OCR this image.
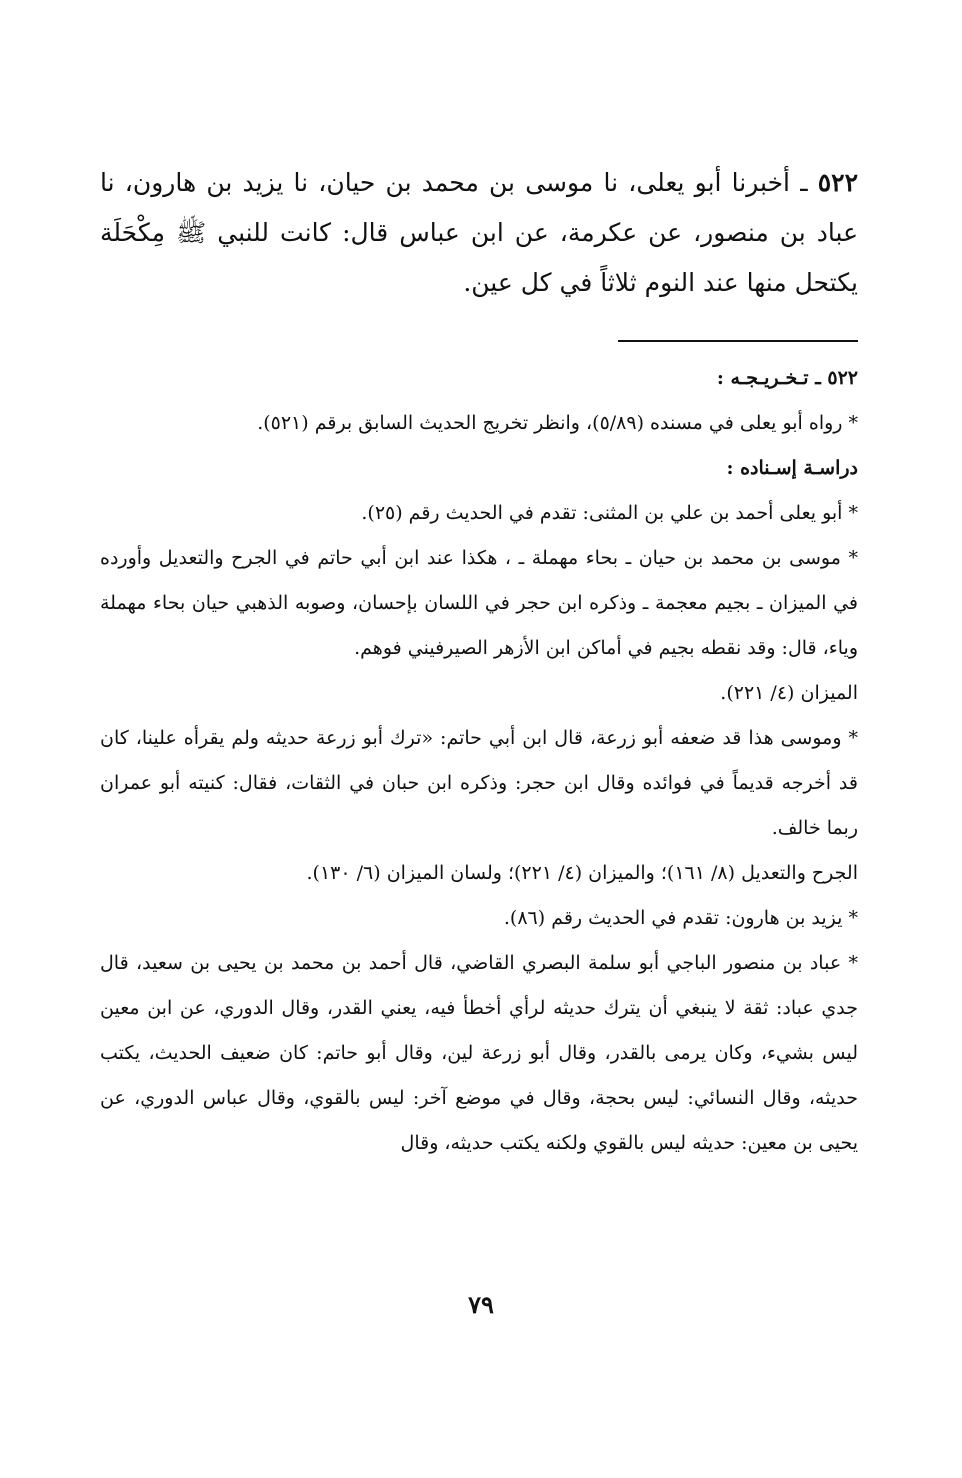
٥٢٢ ـ أخبرنا أبو يعلى، نا موسى بن محمد بن حيان، نا يزيد بن هارون، نا عباد بن منصور، عن عكرمة، عن ابن عباس قال: كانت للنبي ﷺ مِكْحَلَة يكتحل منها عند النوم ثلاثاً في كل عين.

٥٢٢ ـ تـخـريـجـه :

* رواه أبو يعلى في مسنده (٥/٨٩)، وانظر تخريج الحديث السابق برقم (٥٢١).

دراسـة إسـناده :

* أبو يعلى أحمد بن علي بن المثنى: تقدم في الحديث رقم (٢٥).

* موسى بن محمد بن حيان ـ بحاء مهملة ـ ، هكذا عند ابن أبي حاتم في الجرح والتعديل وأورده في الميزان ـ بجيم معجمة ـ وذكره ابن حجر في اللسان بإحسان، وصوبه الذهبي حيان بحاء مهملة وياء، قال: وقد نقطه بجيم في أماكن ابن الأزهر الصيرفيني فوهم.

الميزان (٤/ ٢٢١).

* وموسى هذا قد ضعفه أبو زرعة، قال ابن أبي حاتم: «ترك أبو زرعة حديثه ولم يقرأه علينا، كان قد أخرجه قديماً في فوائده وقال ابن حجر: وذكره ابن حبان في الثقات، فقال: كنيته أبو عمران ربما خالف.

الجرح والتعديل (٨/ ١٦١)؛ والميزان (٤/ ٢٢١)؛ ولسان الميزان (٦/ ١٣٠).

* يزيد بن هارون: تقدم في الحديث رقم (٨٦).

* عباد بن منصور الباجي أبو سلمة البصري القاضي، قال أحمد بن محمد بن يحيى بن سعيد، قال جدي عباد: ثقة لا ينبغي أن يترك حديثه لرأي أخطأ فيه، يعني القدر، وقال الدوري، عن ابن معين ليس بشيء، وكان يرمى بالقدر، وقال أبو زرعة لين، وقال أبو حاتم: كان ضعيف الحديث، يكتب حديثه، وقال النسائي: ليس بحجة، وقال في موضع آخر: ليس بالقوي، وقال عباس الدوري، عن يحيى بن معين: حديثه ليس بالقوي ولكنه يكتب حديثه، وقال

٧٩
